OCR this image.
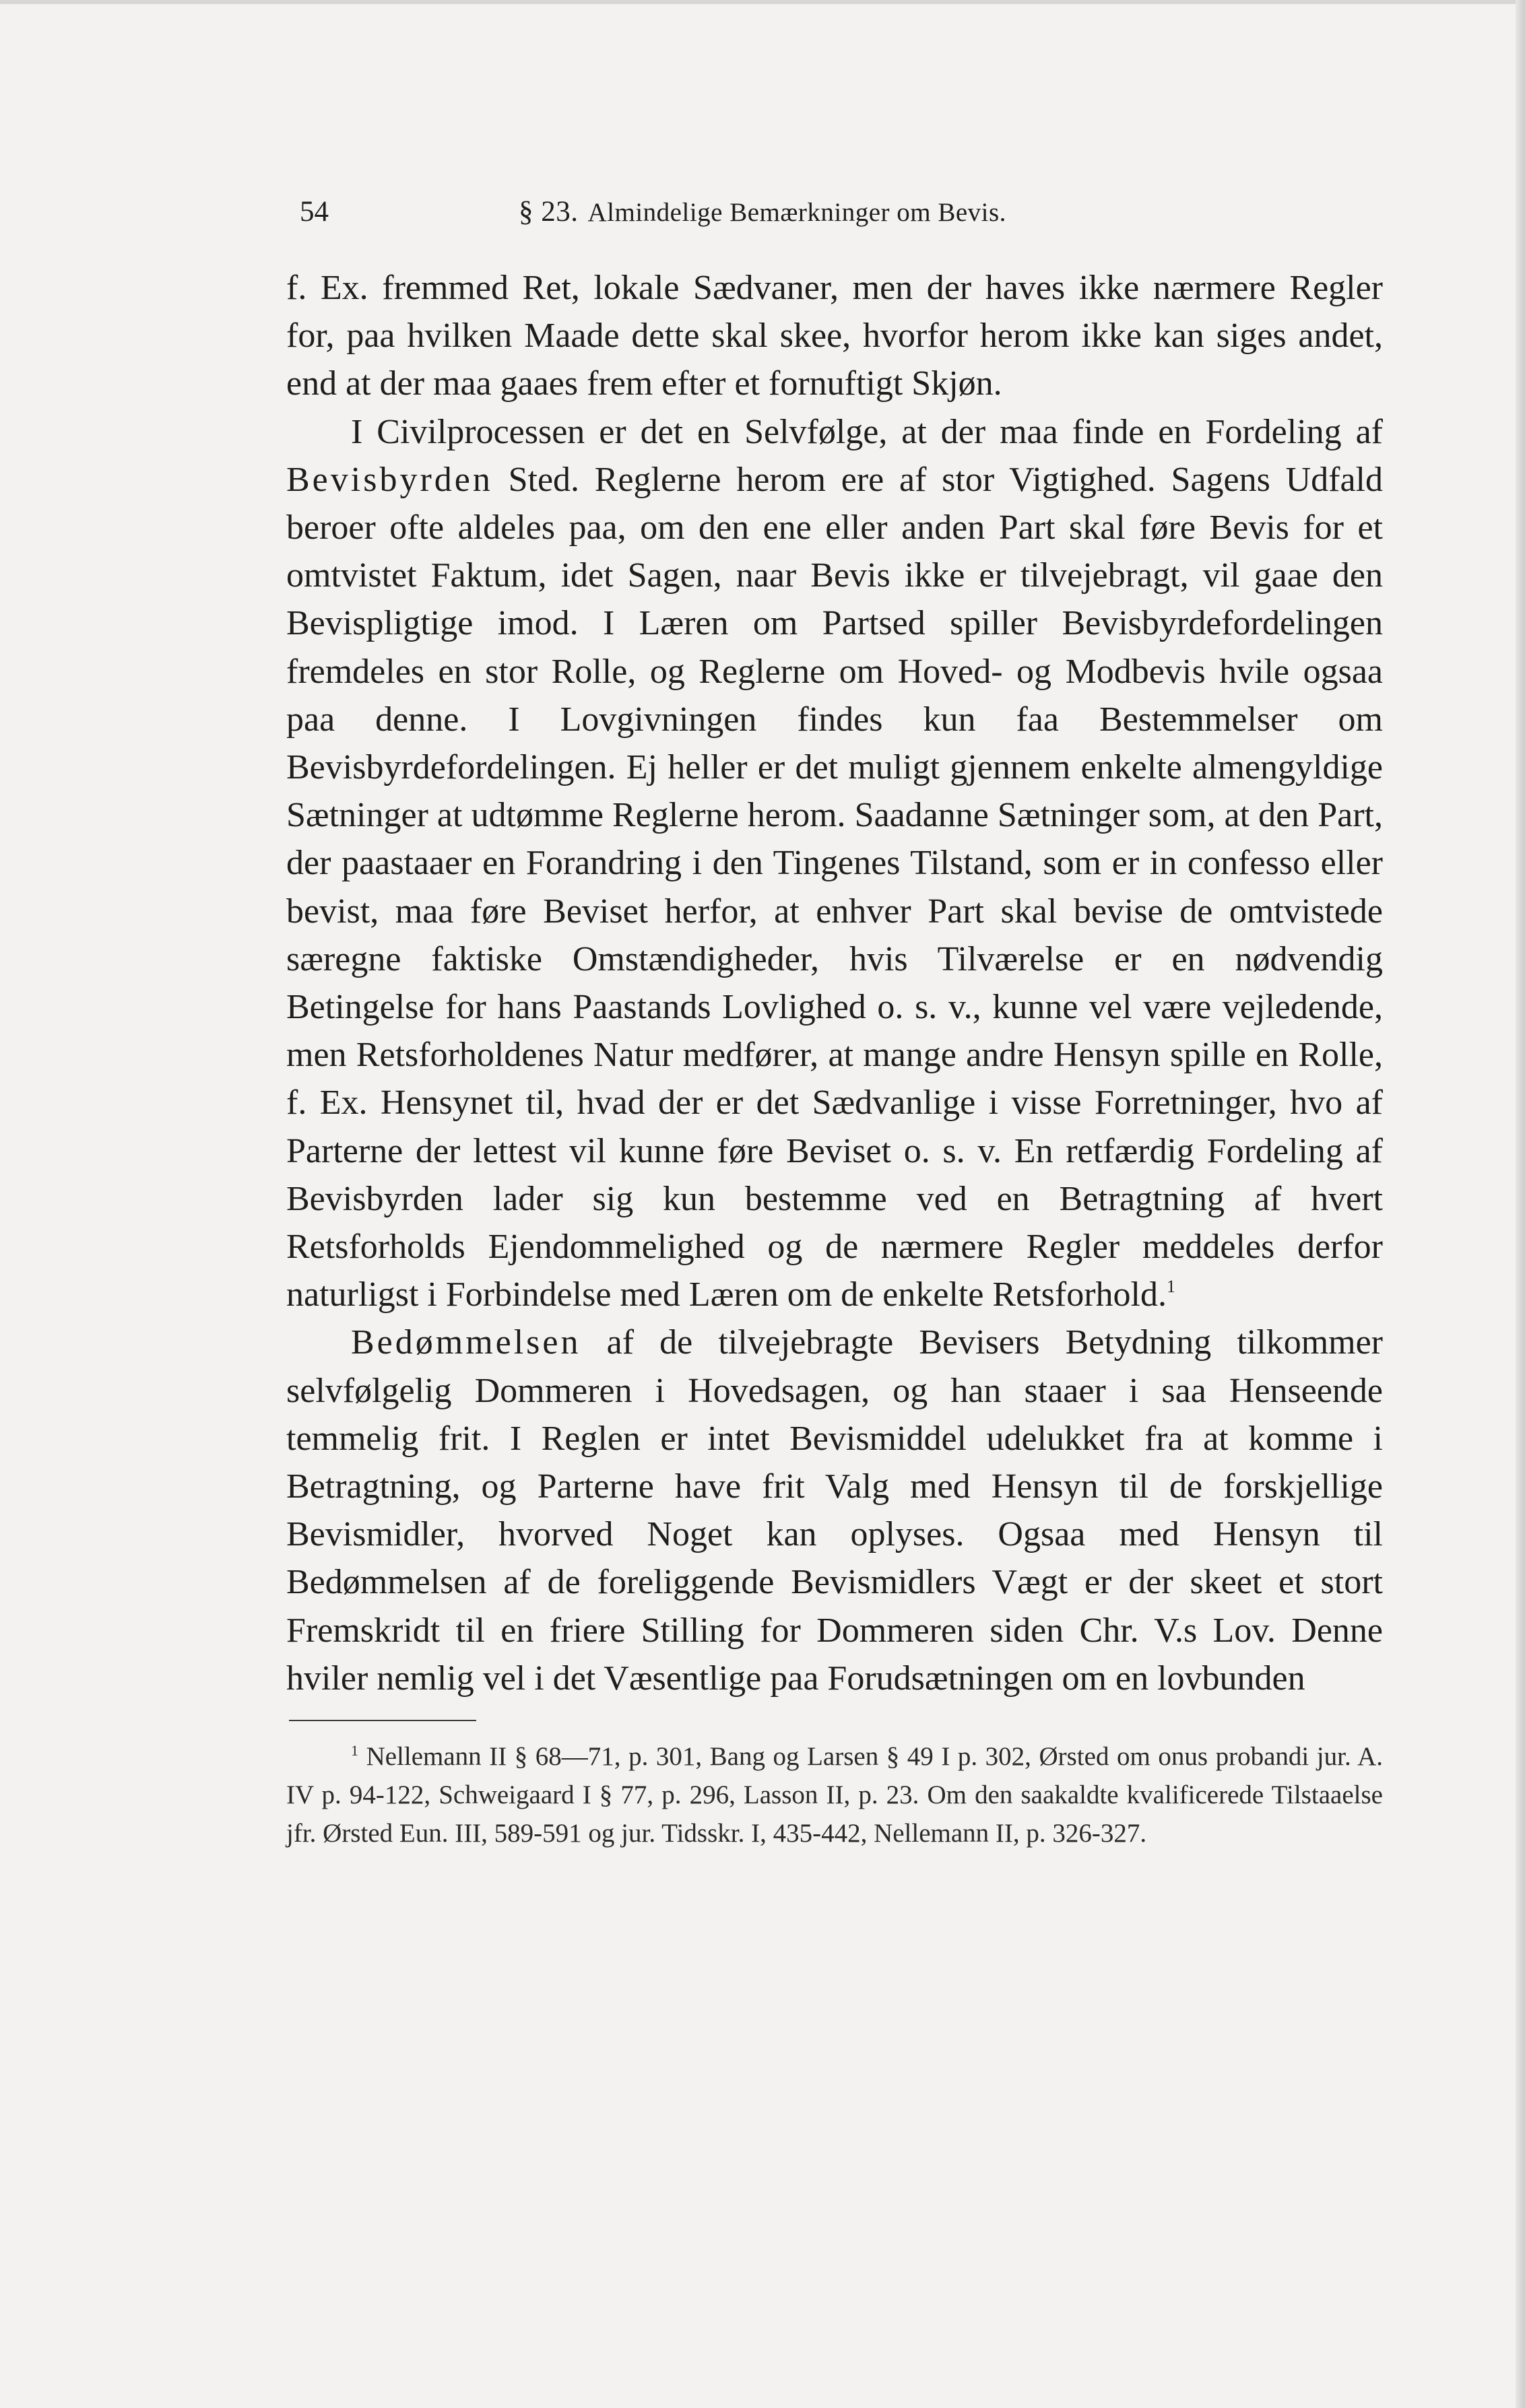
54	§ 23. Almindelige Bemærkninger om Bevis.

f. Ex. fremmed Ret, lokale Sædvaner, men der haves ikke nærmere Regler for, paa hvilken Maade dette skal skee, hvorfor herom ikke kan siges andet, end at der maa gaaes frem efter et fornuftigt Skjøn.

I Civilprocessen er det en Selvfølge, at der maa finde en Fordeling af Bevisbyrden Sted. Reglerne herom ere af stor Vigtighed. Sagens Udfald beroer ofte aldeles paa, om den ene eller anden Part skal føre Bevis for et omtvistet Faktum, idet Sagen, naar Bevis ikke er tilvejebragt, vil gaae den Bevispligtige imod. I Læren om Partsed spiller Bevisbyrdefordelingen fremdeles en stor Rolle, og Reglerne om Hoved- og Modbevis hvile ogsaa paa denne. I Lovgivningen findes kun faa Bestemmelser om Bevisbyrdefordelingen. Ej heller er det muligt gjennem enkelte almengyldige Sætninger at udtømme Reglerne herom. Saadanne Sætninger som, at den Part, der paastaaer en Forandring i den Tingenes Tilstand, som er in confesso eller bevist, maa føre Beviset herfor, at enhver Part skal bevise de omtvistede særegne faktiske Omstændigheder, hvis Tilværelse er en nødvendig Betingelse for hans Paastands Lovlighed o. s. v., kunne vel være vejledende, men Retsforholdenes Natur medfører, at mange andre Hensyn spille en Rolle, f. Ex. Hensynet til, hvad der er det Sædvanlige i visse Forretninger, hvo af Parterne der lettest vil kunne føre Beviset o. s. v. En retfærdig Fordeling af Bevisbyrden lader sig kun bestemme ved en Betragtning af hvert Retsforholds Ejendommelighed og de nærmere Regler meddeles derfor naturligst i Forbindelse med Læren om de enkelte Retsforhold.$^1$

Bedømmelsen af de tilvejebragte Bevisers Betydning tilkommer selvfølgelig Dommeren i Hovedsagen, og han staaer i saa Henseende temmelig frit. I Reglen er intet Bevismiddel udelukket fra at komme i Betragtning, og Parterne have frit Valg med Hensyn til de forskjellige Bevismidler, hvorved Noget kan oplyses. Ogsaa med Hensyn til Bedømmelsen af de foreliggende Bevismidlers Vægt er der skeet et stort Fremskridt til en friere Stilling for Dommeren siden Chr. V.s Lov. Denne hviler nemlig vel i det Væsentlige paa Forudsætningen om en lovbunden

$^1$ Nellemann II § 68—71, p. 301, Bang og Larsen § 49 I p. 302, Ørsted om onus probandi jur. A. IV p. 94-122, Schweigaard I § 77, p. 296, Lasson II, p. 23. Om den saakaldte kvalificerede Tilstaaelse jfr. Ørsted Eun. III, 589-591 og jur. Tidsskr. I, 435-442, Nellemann II, p. 326-327.
